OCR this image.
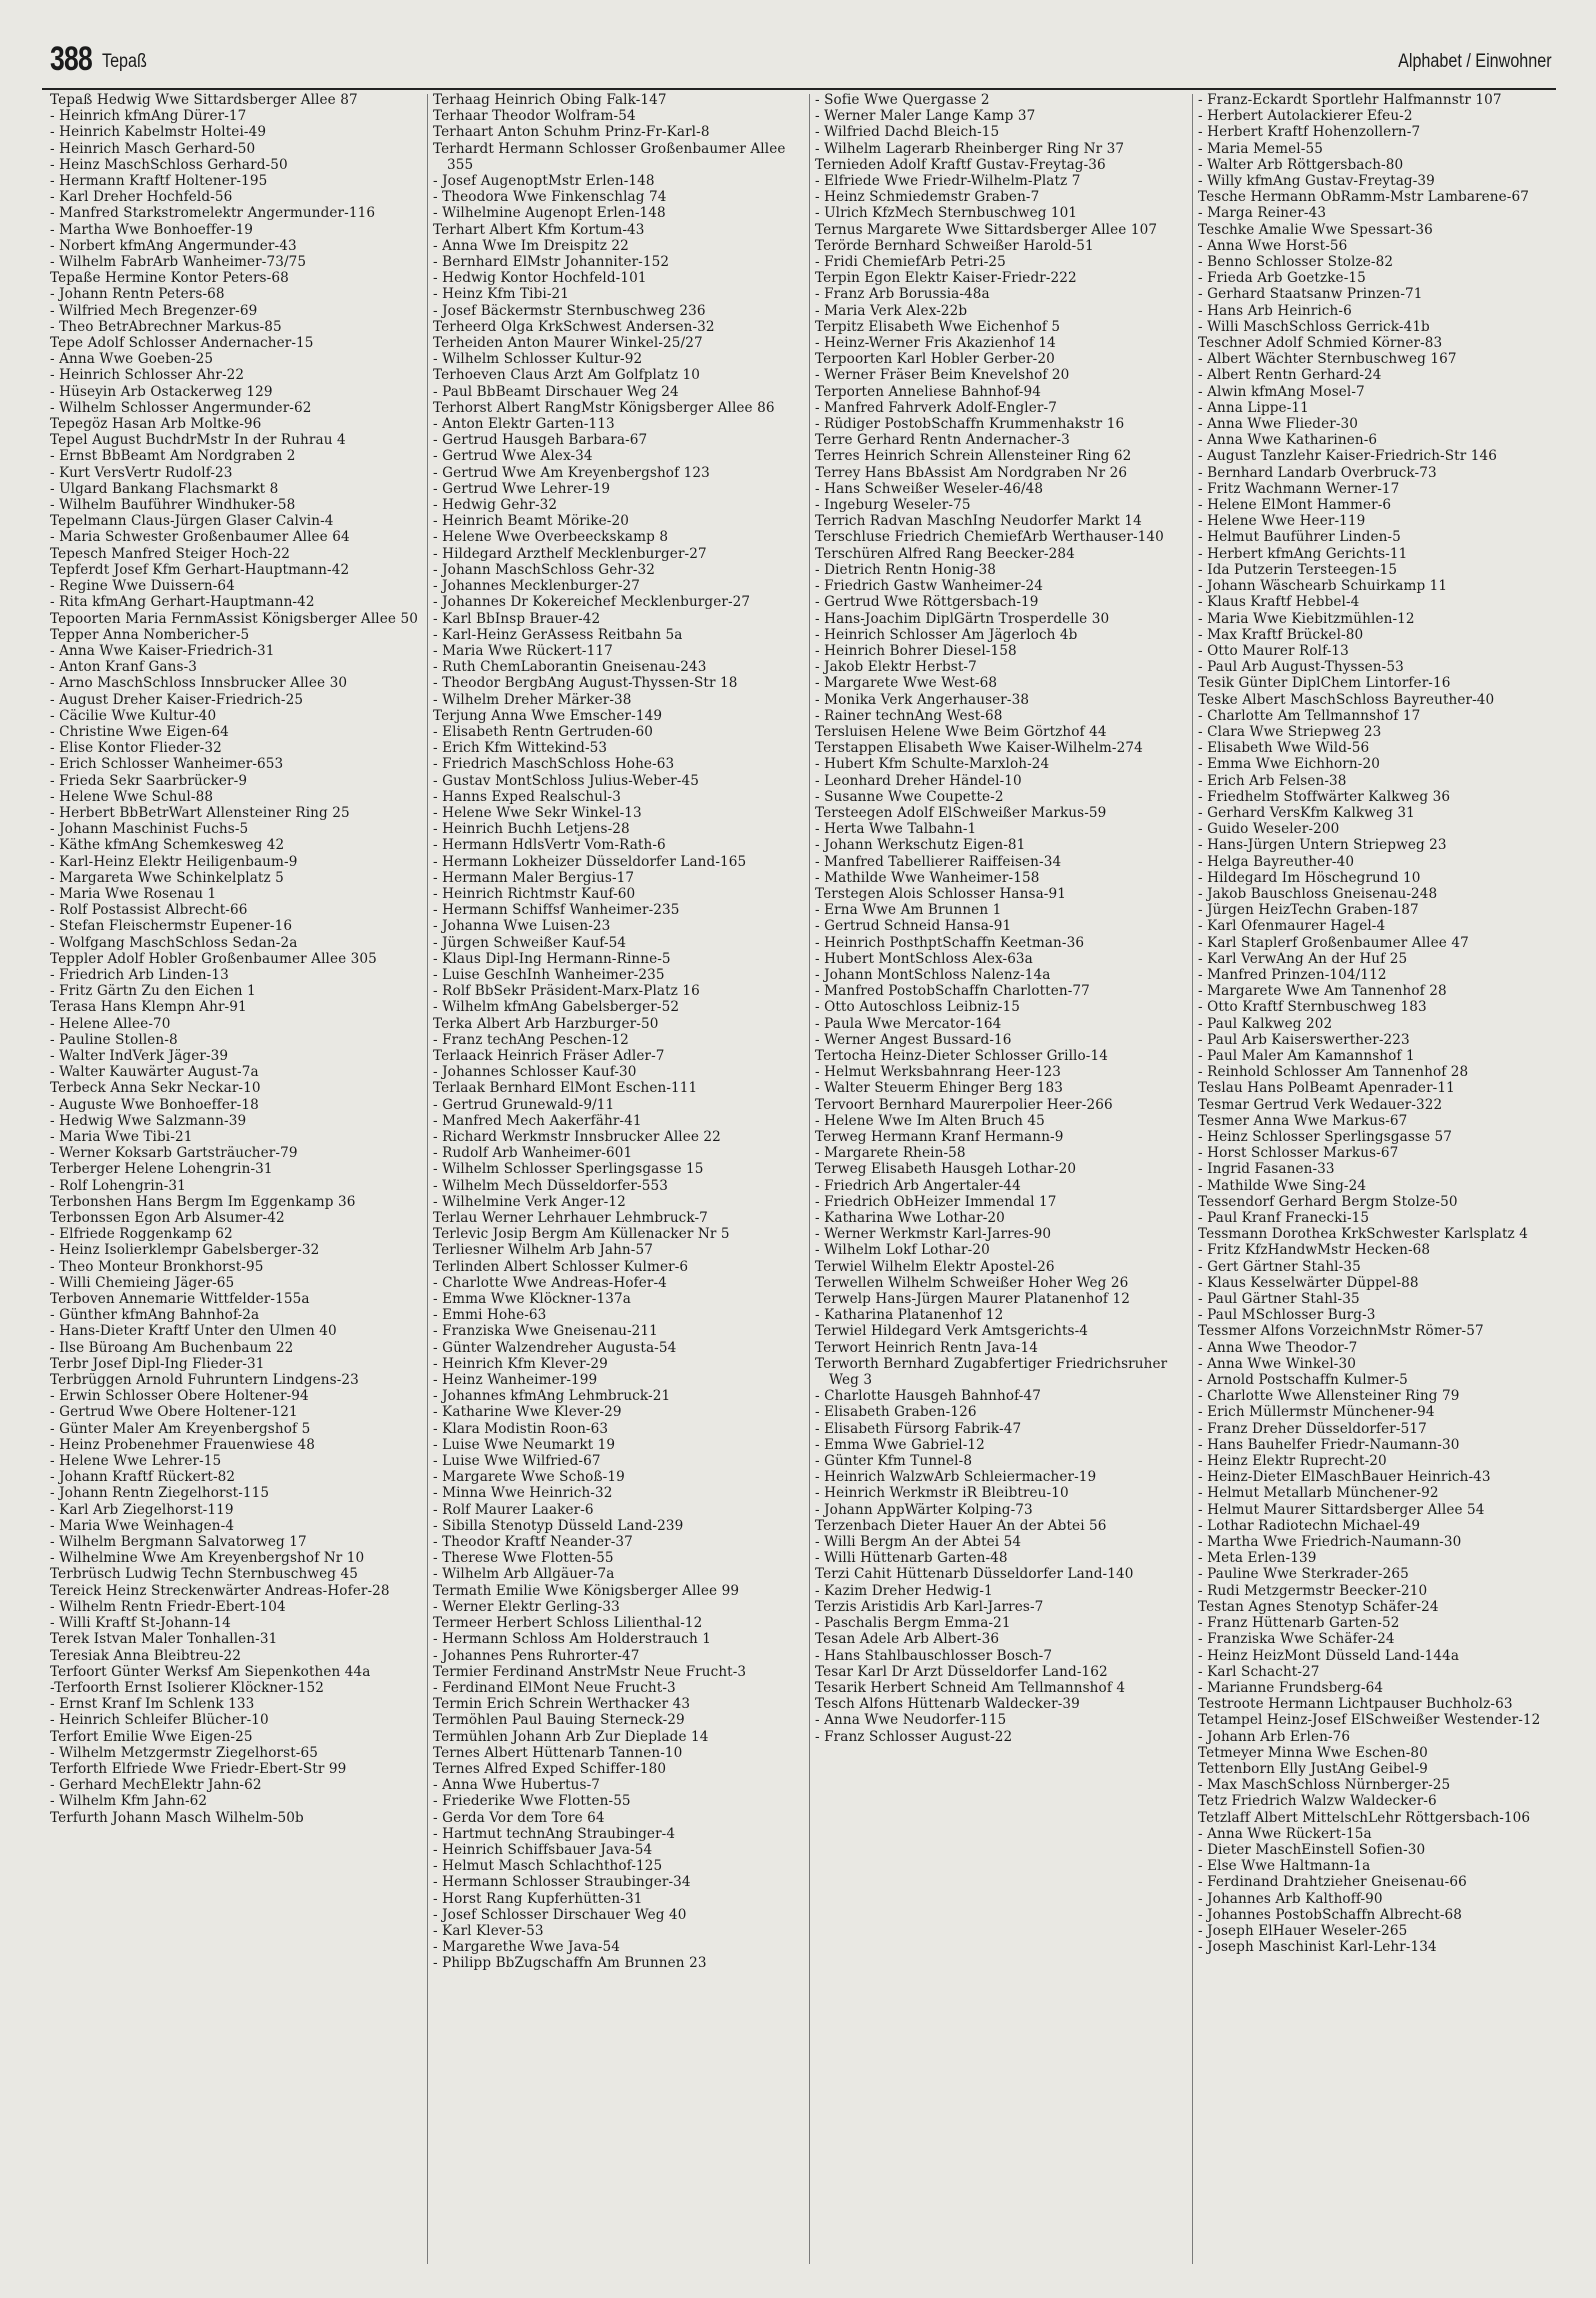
388 Tepaß	Alphabet / Einwohner
Tepaß Hedwig Wwe Sittardsberger Allee 87
- Heinrich kfmAng Dürer-17
- Heinrich Kabelmstr Holtei-49
- Heinrich Masch Gerhard-50
- Heinz MaschSchloss Gerhard-50
- Hermann Kraftf Holtener-195
- Karl Dreher Hochfeld-56
- Manfred Starkstromelektr Angermunder-116
- Martha Wwe Bonhoeffer-19
- Norbert kfmAng Angermunder-43
- Wilhelm FabrArb Wanheimer-73/75
Tepaße Hermine Kontor Peters-68
- Johann Rentn Peters-68
- Wilfried Mech Bregenzer-69
- Theo BetrAbrechner Markus-85
Tepe Adolf Schlosser Andernacher-15
- Anna Wwe Goeben-25
- Heinrich Schlosser Ahr-22
- Hüseyin Arb Ostackerweg 129
- Wilhelm Schlosser Angermunder-62
Tepegöz Hasan Arb Moltke-96
Tepel August BuchdrMstr In der Ruhrau 4
- Ernst BbBeamt Am Nordgraben 2
- Kurt VersVertr Rudolf-23
- Ulgard Bankang Flachsmarkt 8
- Wilhelm Bauführer Windhuker-58
Tepelmann Claus-Jürgen Glaser Calvin-4
- Maria Schwester Großenbaumer Allee 64
Tepesch Manfred Steiger Hoch-22
Tepferdt Josef Kfm Gerhart-Hauptmann-42
- Regine Wwe Duissern-64
- Rita kfmAng Gerhart-Hauptmann-42
Tepoorten Maria FernmAssist Königsberger Allee 50
Tepper Anna Nombericher-5
- Anna Wwe Kaiser-Friedrich-31
- Anton Kranf Gans-3
- Arno MaschSchloss Innsbrucker Allee 30
- August Dreher Kaiser-Friedrich-25
- Cäcilie Wwe Kultur-40
- Christine Wwe Eigen-64
- Elise Kontor Flieder-32
- Erich Schlosser Wanheimer-653
- Frieda Sekr Saarbrücker-9
- Helene Wwe Schul-88
- Herbert BbBetrWart Allensteiner Ring 25
- Johann Maschinist Fuchs-5
- Käthe kfmAng Schemkesweg 42
- Karl-Heinz Elektr Heiligenbaum-9
- Margareta Wwe Schinkelplatz 5
- Maria Wwe Rosenau 1
- Rolf Postassist Albrecht-66
- Stefan Fleischermstr Eupener-16
- Wolfgang MaschSchloss Sedan-2a
Teppler Adolf Hobler Großenbaumer Allee 305
- Friedrich Arb Linden-13
- Fritz Gärtn Zu den Eichen 1
Terasa Hans Klempn Ahr-91
- Helene Allee-70
- Pauline Stollen-8
- Walter IndVerk Jäger-39
- Walter Kauwärter August-7a
Terbeck Anna Sekr Neckar-10
- Auguste Wwe Bonhoeffer-18
- Hedwig Wwe Salzmann-39
- Maria Wwe Tibi-21
- Werner Koksarb Gartsträucher-79
Terberger Helene Lohengrin-31
- Rolf Lohengrin-31
Terbonshen Hans Bergm Im Eggenkamp 36
Terbonssen Egon Arb Alsumer-42
- Elfriede Roggenkamp 62
- Heinz Isolierklempr Gabelsberger-32
- Theo Monteur Bronkhorst-95
- Willi Chemieing Jäger-65
Terboven Annemarie Wittfelder-155a
- Günther kfmAng Bahnhof-2a
- Hans-Dieter Kraftf Unter den Ulmen 40
- Ilse Büroang Am Buchenbaum 22
Terbr Josef Dipl-Ing Flieder-31
Terbrüggen Arnold Fuhruntern Lindgens-23
- Erwin Schlosser Obere Holtener-94
- Gertrud Wwe Obere Holtener-121
- Günter Maler Am Kreyenbergshof 5
- Heinz Probenehmer Frauenwiese 48
- Helene Wwe Lehrer-15
- Johann Kraftf Rückert-82
- Johann Rentn Ziegelhorst-115
- Karl Arb Ziegelhorst-119
- Maria Wwe Weinhagen-4
- Wilhelm Bergmann Salvatorweg 17
- Wilhelmine Wwe Am Kreyenbergshof Nr 10
Terbrüsch Ludwig Techn Sternbuschweg 45
Tereick Heinz Streckenwärter Andreas-Hofer-28
- Wilhelm Rentn Friedr-Ebert-104
- Willi Kraftf St-Johann-14
Terek Istvan Maler Tonhallen-31
Teresiak Anna Bleibtreu-22
Terfoort Günter Werksf Am Siepenkothen 44a
-Terfoorth Ernst Isolierer Klöckner-152
- Ernst Kranf Im Schlenk 133
- Heinrich Schleifer Blücher-10
Terfort Emilie Wwe Eigen-25
- Wilhelm Metzgermstr Ziegelhorst-65
Terforth Elfriede Wwe Friedr-Ebert-Str 99
- Gerhard MechElektr Jahn-62
- Wilhelm Kfm Jahn-62
Terfurth Johann Masch Wilhelm-50b
Terhaag Heinrich Obing Falk-147
Terhaar Theodor Wolfram-54
Terhaart Anton Schuhm Prinz-Fr-Karl-8
Terhardt Hermann Schlosser Großenbaumer Allee 355
- Josef AugenoptMstr Erlen-148
- Theodora Wwe Finkenschlag 74
- Wilhelmine Augenopt Erlen-148
Terhart Albert Kfm Kortum-43
- Anna Wwe Im Dreispitz 22
- Bernhard ElMstr Johanniter-152
- Hedwig Kontor Hochfeld-101
- Heinz Kfm Tibi-21
- Josef Bäckermstr Sternbuschweg 236
Terheerd Olga KrkSchwest Andersen-32
Terheiden Anton Maurer Winkel-25/27
- Wilhelm Schlosser Kultur-92
Terhoeven Claus Arzt Am Golfplatz 10
- Paul BbBeamt Dirschauer Weg 24
Terhorst Albert RangMstr Königsberger Allee 86
- Anton Elektr Garten-113
- Gertrud Hausgeh Barbara-67
- Gertrud Wwe Alex-34
- Gertrud Wwe Am Kreyenbergshof 123
- Gertrud Wwe Lehrer-19
- Hedwig Gehr-32
- Heinrich Beamt Mörike-20
- Helene Wwe Overbeeckskamp 8
- Hildegard Arzthelf Mecklenburger-27
- Johann MaschSchloss Gehr-32
- Johannes Mecklenburger-27
- Johannes Dr Kokereichef Mecklenburger-27
- Karl BbInsp Brauer-42
- Karl-Heinz GerAssess Reitbahn 5a
- Maria Wwe Rückert-117
- Ruth ChemLaborantin Gneisenau-243
- Theodor BergbAng August-Thyssen-Str 18
- Wilhelm Dreher Märker-38
Terjung Anna Wwe Emscher-149
- Elisabeth Rentn Gertruden-60
- Erich Kfm Wittekind-53
- Friedrich MaschSchloss Hohe-63
- Gustav MontSchloss Julius-Weber-45
- Hanns Exped Realschul-3
- Helene Wwe Sekr Winkel-13
- Heinrich Buchh Letjens-28
- Hermann HdlsVertr Vom-Rath-6
- Hermann Lokheizer Düsseldorfer Land-165
- Hermann Maler Bergius-17
- Heinrich Richtmstr Kauf-60
- Hermann Schiffsf Wanheimer-235
- Johanna Wwe Luisen-23
- Jürgen Schweißer Kauf-54
- Klaus Dipl-Ing Hermann-Rinne-5
- Luise GeschInh Wanheimer-235
- Rolf BbSekr Präsident-Marx-Platz 16
- Wilhelm kfmAng Gabelsberger-52
Terka Albert Arb Harzburger-50
- Franz techAng Peschen-12
Terlaack Heinrich Fräser Adler-7
- Johannes Schlosser Kauf-30
Terlaak Bernhard ElMont Eschen-111
- Gertrud Grunewald-9/11
- Manfred Mech Aakerfähr-41
- Richard Werkmstr Innsbrucker Allee 22
- Rudolf Arb Wanheimer-601
- Wilhelm Schlosser Sperlingsgasse 15
- Wilhelm Mech Düsseldorfer-553
- Wilhelmine Verk Anger-12
Terlau Werner Lehrhauer Lehmbruck-7
Terlevic Josip Bergm Am Küllenacker Nr 5
Terliesner Wilhelm Arb Jahn-57
Terlinden Albert Schlosser Kulmer-6
- Charlotte Wwe Andreas-Hofer-4
- Emma Wwe Klöckner-137a
- Emmi Hohe-63
- Franziska Wwe Gneisenau-211
- Günter Walzendreher Augusta-54
- Heinrich Kfm Klever-29
- Heinz Wanheimer-199
- Johannes kfmAng Lehmbruck-21
- Katharine Wwe Klever-29
- Klara Modistin Roon-63
- Luise Wwe Neumarkt 19
- Luise Wwe Wilfried-67
- Margarete Wwe Schoß-19
- Minna Wwe Heinrich-32
- Rolf Maurer Laaker-6
- Sibilla Stenotyp Düsseld Land-239
- Theodor Kraftf Neander-37
- Therese Wwe Flotten-55
- Wilhelm Arb Allgäuer-7a
Termath Emilie Wwe Königsberger Allee 99
- Werner Elektr Gerling-33
Termeer Herbert Schloss Lilienthal-12
- Hermann Schloss Am Holderstrauch 1
- Johannes Pens Ruhrorter-47
Termier Ferdinand AnstrMstr Neue Frucht-3
- Ferdinand ElMont Neue Frucht-3
Termin Erich Schrein Werthacker 43
Termöhlen Paul Bauing Sterneck-29
Termühlen Johann Arb Zur Dieplade 14
Ternes Albert Hüttenarb Tannen-10
Ternes Alfred Exped Schiffer-180
- Anna Wwe Hubertus-7
- Friederike Wwe Flotten-55
- Gerda Vor dem Tore 64
- Hartmut technAng Straubinger-4
- Heinrich Schiffsbauer Java-54
- Helmut Masch Schlachthof-125
- Hermann Schlosser Straubinger-34
- Horst Rang Kupferhütten-31
- Josef Schlosser Dirschauer Weg 40
- Karl Klever-53
- Margarethe Wwe Java-54
- Philipp BbZugschaffn Am Brunnen 23
- Sofie Wwe Quergasse 2
- Werner Maler Lange Kamp 37
- Wilfried Dachd Bleich-15
- Wilhelm Lagerarb Rheinberger Ring Nr 37
Ternieden Adolf Kraftf Gustav-Freytag-36
- Elfriede Wwe Friedr-Wilhelm-Platz 7
- Heinz Schmiedemstr Graben-7
- Ulrich KfzMech Sternbuschweg 101
Ternus Margarete Wwe Sittardsberger Allee 107
Terörde Bernhard Schweißer Harold-51
- Fridi ChemiefArb Petri-25
Terpin Egon Elektr Kaiser-Friedr-222
- Franz Arb Borussia-48a
- Maria Verk Alex-22b
Terpitz Elisabeth Wwe Eichenhof 5
- Heinz-Werner Fris Akazienhof 14
Terpoorten Karl Hobler Gerber-20
- Werner Fräser Beim Knevelshof 20
Terporten Anneliese Bahnhof-94
- Manfred Fahrverk Adolf-Engler-7
- Rüdiger PostobSchaffn Krummenhakstr 16
Terre Gerhard Rentn Andernacher-3
Terres Heinrich Schrein Allensteiner Ring 62
Terrey Hans BbAssist Am Nordgraben Nr 26
- Hans Schweißer Weseler-46/48
- Ingeburg Weseler-75
Terrich Radvan MaschIng Neudorfer Markt 14
Terschluse Friedrich ChemiefArb Werthauser-140
Terschüren Alfred Rang Beecker-284
- Dietrich Rentn Honig-38
- Friedrich Gastw Wanheimer-24
- Gertrud Wwe Röttgersbach-19
- Hans-Joachim DiplGärtn Trosperdelle 30
- Heinrich Schlosser Am Jägerloch 4b
- Heinrich Bohrer Diesel-158
- Jakob Elektr Herbst-7
- Margarete Wwe West-68
- Monika Verk Angerhauser-38
- Rainer technAng West-68
Tersluisen Helene Wwe Beim Görtzhof 44
Terstappen Elisabeth Wwe Kaiser-Wilhelm-274
- Hubert Kfm Schulte-Marxloh-24
- Leonhard Dreher Händel-10
- Susanne Wwe Coupette-2
Tersteegen Adolf ElSchweißer Markus-59
- Herta Wwe Talbahn-1
- Johann Werkschutz Eigen-81
- Manfred Tabellierer Raiffeisen-34
- Mathilde Wwe Wanheimer-158
Terstegen Alois Schlosser Hansa-91
- Erna Wwe Am Brunnen 1
- Gertrud Schneid Hansa-91
- Heinrich PosthptSchaffn Keetman-36
- Hubert MontSchloss Alex-63a
- Johann MontSchloss Nalenz-14a
- Manfred PostobSchaffn Charlotten-77
- Otto Autoschloss Leibniz-15
- Paula Wwe Mercator-164
- Werner Angest Bussard-16
Tertocha Heinz-Dieter Schlosser Grillo-14
- Helmut Werksbahnrang Heer-123
- Walter Steuerm Ehinger Berg 183
Tervoort Bernhard Maurerpolier Heer-266
- Helene Wwe Im Alten Bruch 45
Terweg Hermann Kranf Hermann-9
- Margarete Rhein-58
Terweg Elisabeth Hausgeh Lothar-20
- Friedrich Arb Angertaler-44
- Friedrich ObHeizer Immendal 17
- Katharina Wwe Lothar-20
- Werner Werkmstr Karl-Jarres-90
- Wilhelm Lokf Lothar-20
Terwiel Wilhelm Elektr Apostel-26
Terwellen Wilhelm Schweißer Hoher Weg 26
Terwelp Hans-Jürgen Maurer Platanenhof 12
- Katharina Platanenhof 12
Terwiel Hildegard Verk Amtsgerichts-4
Terwort Heinrich Rentn Java-14
Terworth Bernhard Zugabfertiger Friedrichsruher Weg 3
- Charlotte Hausgeh Bahnhof-47
- Elisabeth Graben-126
- Elisabeth Fürsorg Fabrik-47
- Emma Wwe Gabriel-12
- Günter Kfm Tunnel-8
- Heinrich WalzwArb Schleiermacher-19
- Heinrich Werkmstr iR Bleibtreu-10
- Johann AppWärter Kolping-73
Terzenbach Dieter Hauer An der Abtei 56
- Willi Bergm An der Abtei 54
- Willi Hüttenarb Garten-48
Terzi Cahit Hüttenarb Düsseldorfer Land-140
- Kazim Dreher Hedwig-1
Terzis Aristidis Arb Karl-Jarres-7
- Paschalis Bergm Emma-21
Tesan Adele Arb Albert-36
- Hans Stahlbauschlosser Bosch-7
Tesar Karl Dr Arzt Düsseldorfer Land-162
Tesarik Herbert Schneid Am Tellmannshof 4
Tesch Alfons Hüttenarb Waldecker-39
- Anna Wwe Neudorfer-115
- Franz Schlosser August-22
- Franz-Eckardt Sportlehr Halfmannstr 107
- Herbert Autolackierer Efeu-2
- Herbert Kraftf Hohenzollern-7
- Maria Memel-55
- Walter Arb Röttgersbach-80
- Willy kfmAng Gustav-Freytag-39
Tesche Hermann ObRamm-Mstr Lambarene-67
- Marga Reiner-43
Teschke Amalie Wwe Spessart-36
- Anna Wwe Horst-56
- Benno Schlosser Stolze-82
- Frieda Arb Goetzke-15
- Gerhard Staatsanw Prinzen-71
- Hans Arb Heinrich-6
- Willi MaschSchloss Gerrick-41b
Teschner Adolf Schmied Körner-83
- Albert Wächter Sternbuschweg 167
- Albert Rentn Gerhard-24
- Alwin kfmAng Mosel-7
- Anna Lippe-11
- Anna Wwe Flieder-30
- Anna Wwe Katharinen-6
- August Tanzlehr Kaiser-Friedrich-Str 146
- Bernhard Landarb Overbruck-73
- Fritz Wachmann Werner-17
- Helene ElMont Hammer-6
- Helene Wwe Heer-119
- Helmut Bauführer Linden-5
- Herbert kfmAng Gerichts-11
- Ida Putzerin Tersteegen-15
- Johann Wäschearb Schuirkamp 11
- Klaus Kraftf Hebbel-4
- Maria Wwe Kiebitzmühlen-12
- Max Kraftf Brückel-80
- Otto Maurer Rolf-13
- Paul Arb August-Thyssen-53
Tesik Günter DiplChem Lintorfer-16
Teske Albert MaschSchloss Bayreuther-40
- Charlotte Am Tellmannshof 17
- Clara Wwe Striepweg 23
- Elisabeth Wwe Wild-56
- Emma Wwe Eichhorn-20
- Erich Arb Felsen-38
- Friedhelm Stoffwärter Kalkweg 36
- Gerhard VersKfm Kalkweg 31
- Guido Weseler-200
- Hans-Jürgen Untern Striepweg 23
- Helga Bayreuther-40
- Hildegard Im Höschegrund 10
- Jakob Bauschloss Gneisenau-248
- Jürgen HeizTechn Graben-187
- Karl Ofenmaurer Hagel-4
- Karl Staplerf Großenbaumer Allee 47
- Karl VerwAng An der Huf 25
- Manfred Prinzen-104/112
- Margarete Wwe Am Tannenhof 28
- Otto Kraftf Sternbuschweg 183
- Paul Kalkweg 202
- Paul Arb Kaiserswerther-223
- Paul Maler Am Kamannshof 1
- Reinhold Schlosser Am Tannenhof 28
Teslau Hans PolBeamt Apenrader-11
Tesmar Gertrud Verk Wedauer-322
Tesmer Anna Wwe Markus-67
- Heinz Schlosser Sperlingsgasse 57
- Horst Schlosser Markus-67
- Ingrid Fasanen-33
- Mathilde Wwe Sing-24
Tessendorf Gerhard Bergm Stolze-50
- Paul Kranf Franecki-15
Tessmann Dorothea KrkSchwester Karlsplatz 4
- Fritz KfzHandwMstr Hecken-68
- Gert Gärtner Stahl-35
- Klaus Kesselwärter Düppel-88
- Paul Gärtner Stahl-35
- Paul MSchlosser Burg-3
Tessmer Alfons VorzeichnMstr Römer-57
- Anna Wwe Theodor-7
- Anna Wwe Winkel-30
- Arnold Postschaffn Kulmer-5
- Charlotte Wwe Allensteiner Ring 79
- Erich Müllermstr Münchener-94
- Franz Dreher Düsseldorfer-517
- Hans Bauhelfer Friedr-Naumann-30
- Heinz Elektr Ruprecht-20
- Heinz-Dieter ElMaschBauer Heinrich-43
- Helmut Metallarb Münchener-92
- Helmut Maurer Sittardsberger Allee 54
- Lothar Radiotechn Michael-49
- Martha Wwe Friedrich-Naumann-30
- Meta Erlen-139
- Pauline Wwe Sterkrader-265
- Rudi Metzgermstr Beecker-210
Testan Agnes Stenotyp Schäfer-24
- Franz Hüttenarb Garten-52
- Franziska Wwe Schäfer-24
- Heinz HeizMont Düsseld Land-144a
- Karl Schacht-27
- Marianne Frundsberg-64
Testroote Hermann Lichtpauser Buchholz-63
Tetampel Heinz-Josef ElSchweißer Westender-12
- Johann Arb Erlen-76
Tetmeyer Minna Wwe Eschen-80
Tettenborn Elly JustAng Geibel-9
- Max MaschSchloss Nürnberger-25
Tetz Friedrich Walzw Waldecker-6
Tetzlaff Albert MittelschLehr Röttgersbach-106
- Anna Wwe Rückert-15a
- Dieter MaschEinstell Sofien-30
- Else Wwe Haltmann-1a
- Ferdinand Drahtzieher Gneisenau-66
- Johannes Arb Kalthoff-90
- Johannes PostobSchaffn Albrecht-68
- Joseph ElHauer Weseler-265
- Joseph Maschinist Karl-Lehr-134
